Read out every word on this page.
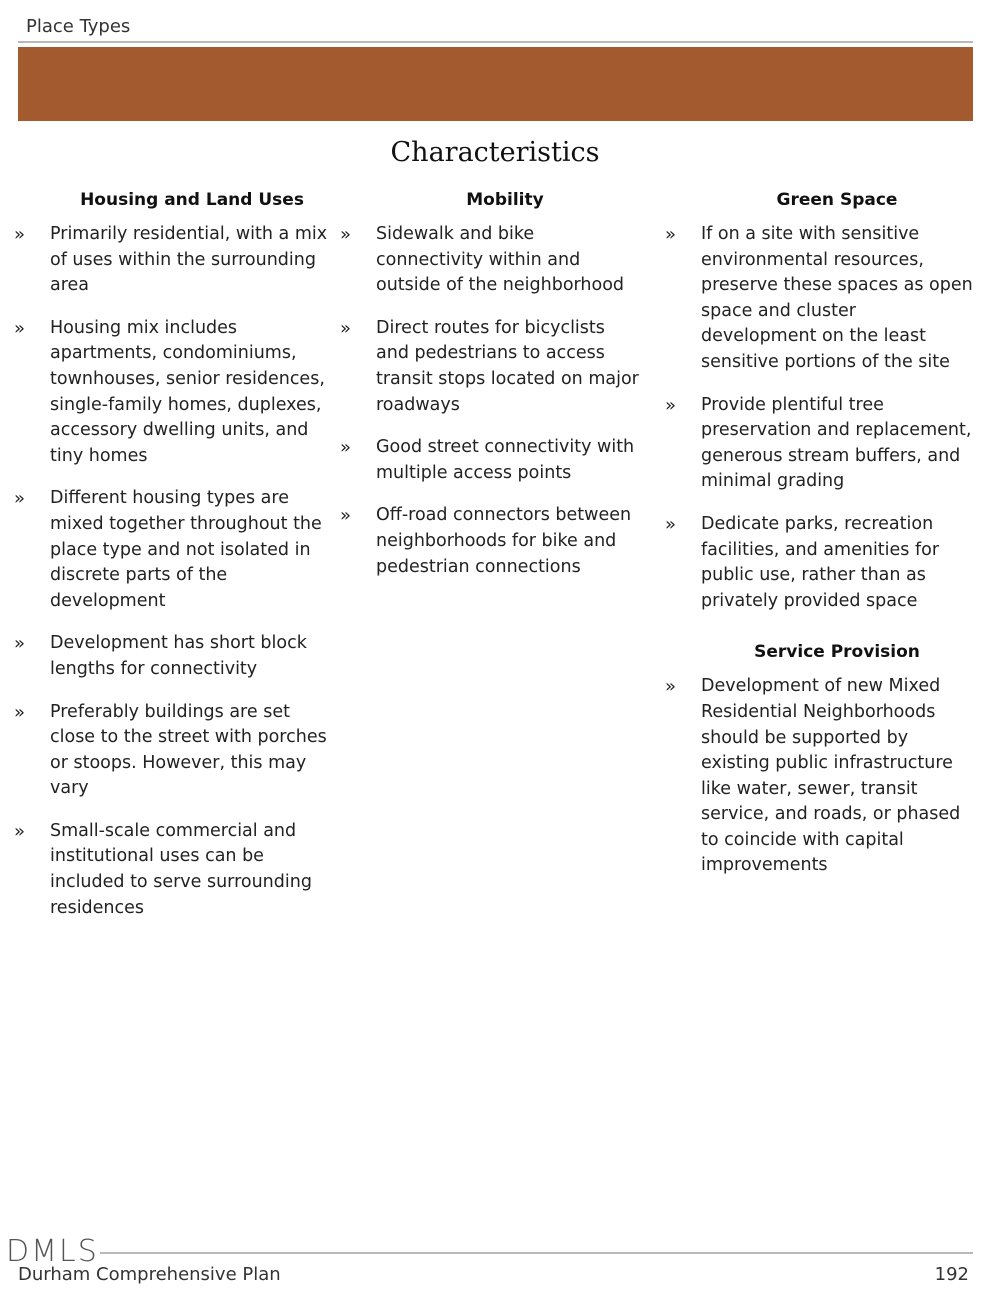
Place Types
Characteristics
Housing and Land Uses
»	Primarily residential, with a mix of uses within the surrounding area
»	Housing mix includes apartments, condominiums, townhouses, senior residences, single-family homes, duplexes, accessory dwelling units, and tiny homes
»	Different housing types are mixed together throughout the place type and not isolated in discrete parts of the development
»	Development has short block lengths for connectivity
»	Preferably buildings are set close to the street with porches or stoops. However, this may vary
»	Small-scale commercial and institutional uses can be included to serve surrounding residences
Mobility
»	Sidewalk and bike connectivity within and outside of the neighborhood
»	Direct routes for bicyclists and pedestrians to access transit stops located on major roadways
»	Good street connectivity with multiple access points
»	Off-road connectors between neighborhoods for bike and pedestrian connections
Green Space
»	If on a site with sensitive environmental resources, preserve these spaces as open space and cluster development on the least sensitive portions of the site
»	Provide plentiful tree preservation and replacement, generous stream buffers, and minimal grading
»	Dedicate parks, recreation facilities, and amenities for public use, rather than as privately provided space
Service Provision
»	Development of new Mixed Residential Neighborhoods should be supported by existing public infrastructure like water, sewer, transit service, and roads, or phased to coincide with capital improvements
DMLS
Durham Comprehensive Plan	192
